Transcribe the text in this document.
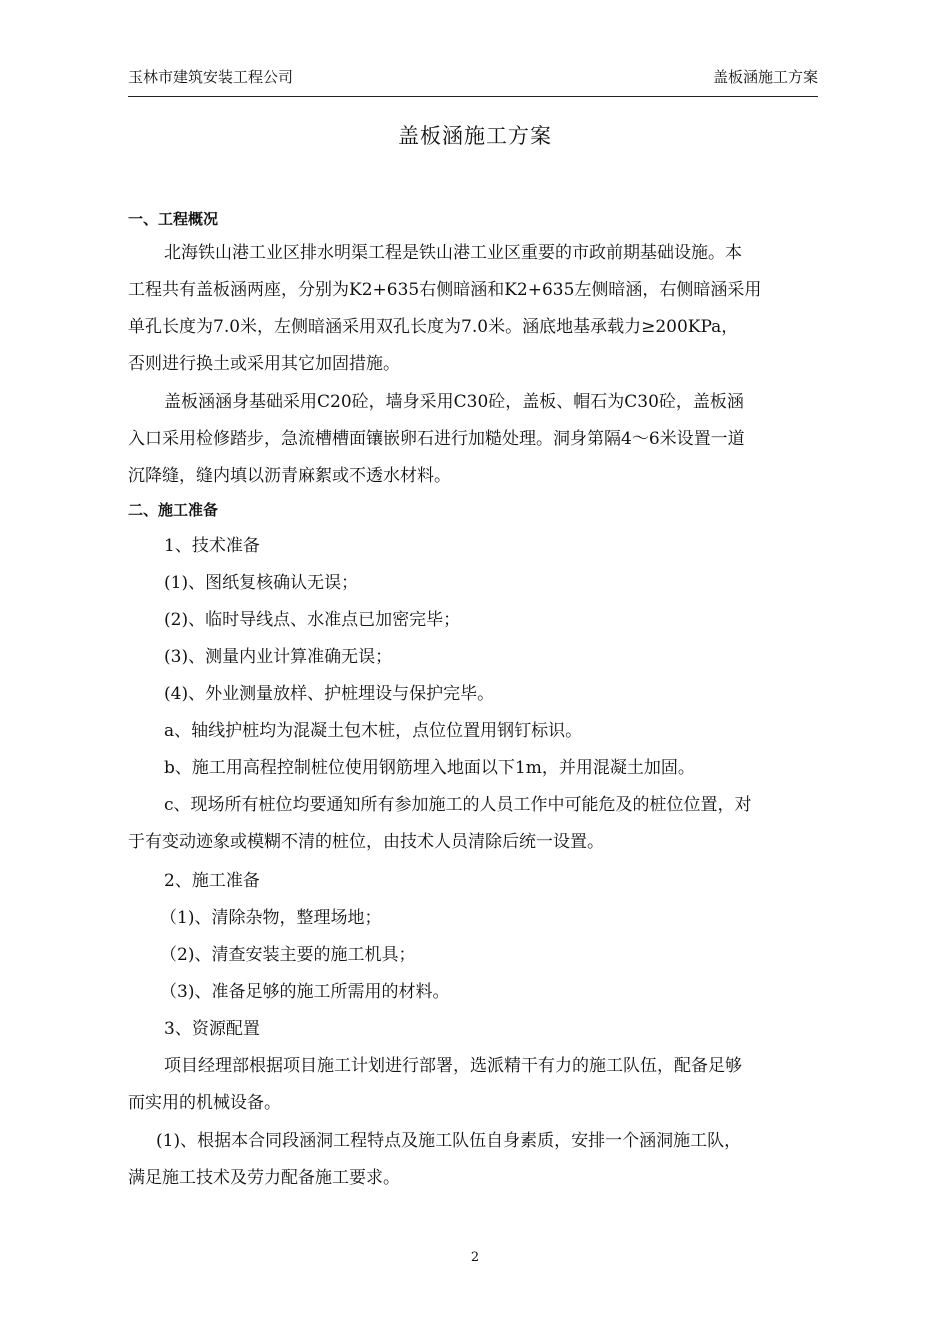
玉林市建筑安装工程公司	盖板涵施工方案
盖板涵施工方案
一、工程概况
北海铁山港工业区排水明渠工程是铁山港工业区重要的市政前期基础设施。本
工程共有盖板涵两座，分别为K2+635右侧暗涵和K2+635左侧暗涵，右侧暗涵采用
单孔长度为7.0米，左侧暗涵采用双孔长度为7.0米。涵底地基承载力≥200KPa，
否则进行换土或采用其它加固措施。
盖板涵涵身基础采用C20砼，墙身采用C30砼，盖板、帽石为C30砼，盖板涵
入口采用检修踏步，急流槽槽面镶嵌卵石进行加糙处理。洞身第隔4～6米设置一道
沉降缝，缝内填以沥青麻絮或不透水材料。
二、施工准备
1、技术准备
(1)、图纸复核确认无误；
(2)、临时导线点、水准点已加密完毕；
(3)、测量内业计算准确无误；
(4)、外业测量放样、护桩埋设与保护完毕。
a、轴线护桩均为混凝土包木桩，点位位置用钢钉标识。
b、施工用高程控制桩位使用钢筋埋入地面以下1m，并用混凝土加固。
c、现场所有桩位均要通知所有参加施工的人员工作中可能危及的桩位位置，对
于有变动迹象或模糊不清的桩位，由技术人员清除后统一设置。
2、施工准备
（1)、清除杂物，整理场地；
（2)、清查安装主要的施工机具；
（3)、准备足够的施工所需用的材料。
3、资源配置
项目经理部根据项目施工计划进行部署，选派精干有力的施工队伍，配备足够
而实用的机械设备。
(1)、根据本合同段涵洞工程特点及施工队伍自身素质，安排一个涵洞施工队，
满足施工技术及劳力配备施工要求。
2
